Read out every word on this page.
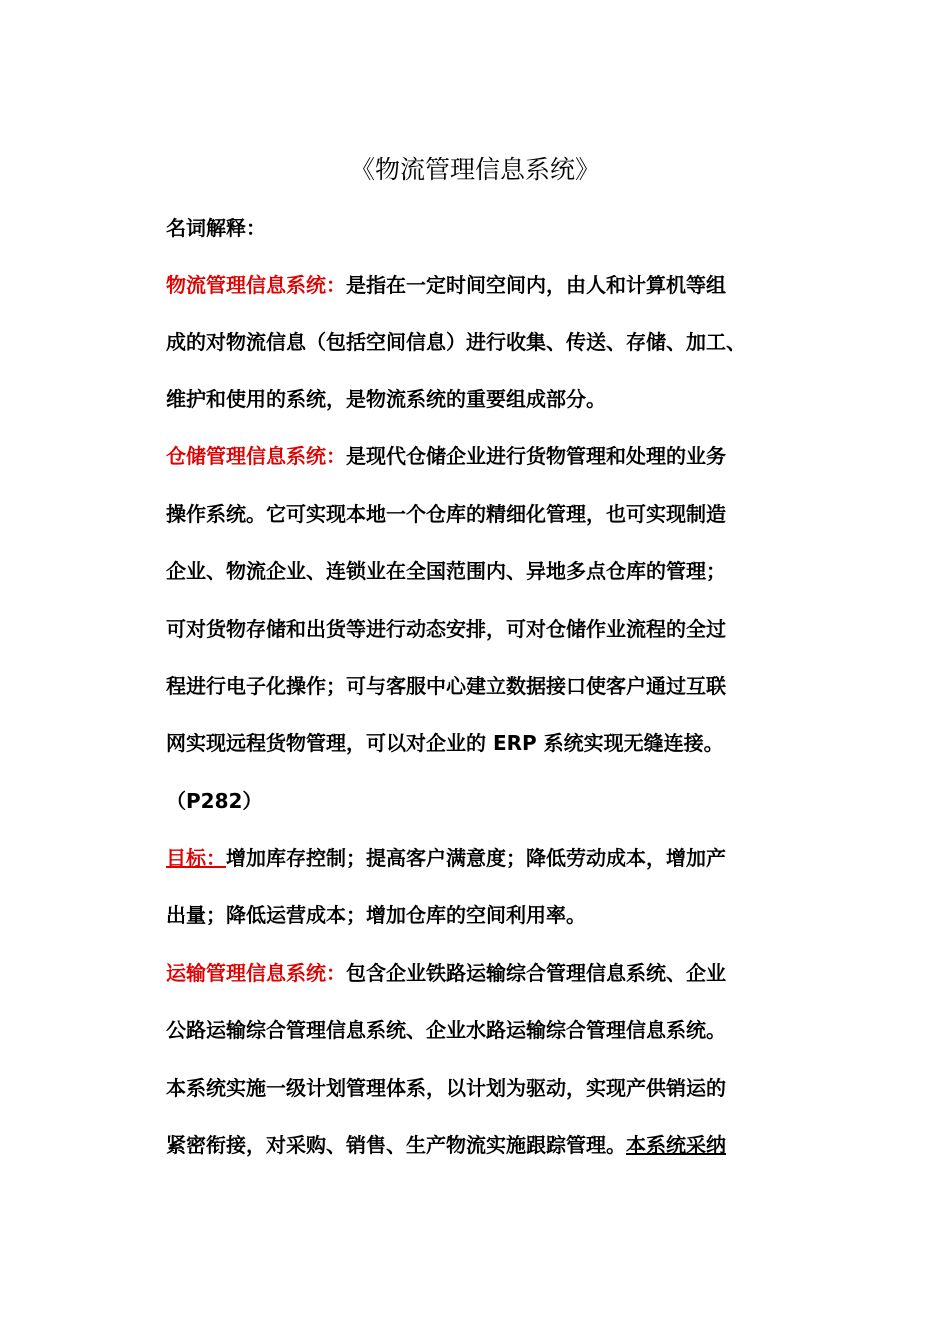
《物流管理信息系统》
名词解释：
物流管理信息系统：是指在一定时间空间内，由人和计算机等组
成的对物流信息（包括空间信息）进行收集、传送、存储、加工、
维护和使用的系统，是物流系统的重要组成部分。
仓储管理信息系统：是现代仓储企业进行货物管理和处理的业务
操作系统。它可实现本地一个仓库的精细化管理，也可实现制造
企业、物流企业、连锁业在全国范围内、异地多点仓库的管理；
可对货物存储和出货等进行动态安排，可对仓储作业流程的全过
程进行电子化操作；可与客服中心建立数据接口使客户通过互联
网实现远程货物管理，可以对企业的 ERP 系统实现无缝连接。
（P282）
目标：增加库存控制；提高客户满意度；降低劳动成本，增加产
出量；降低运营成本；增加仓库的空间利用率。
运输管理信息系统：包含企业铁路运输综合管理信息系统、企业
公路运输综合管理信息系统、企业水路运输综合管理信息系统。
本系统实施一级计划管理体系，以计划为驱动，实现产供销运的
紧密衔接，对采购、销售、生产物流实施跟踪管理。本系统采纳
